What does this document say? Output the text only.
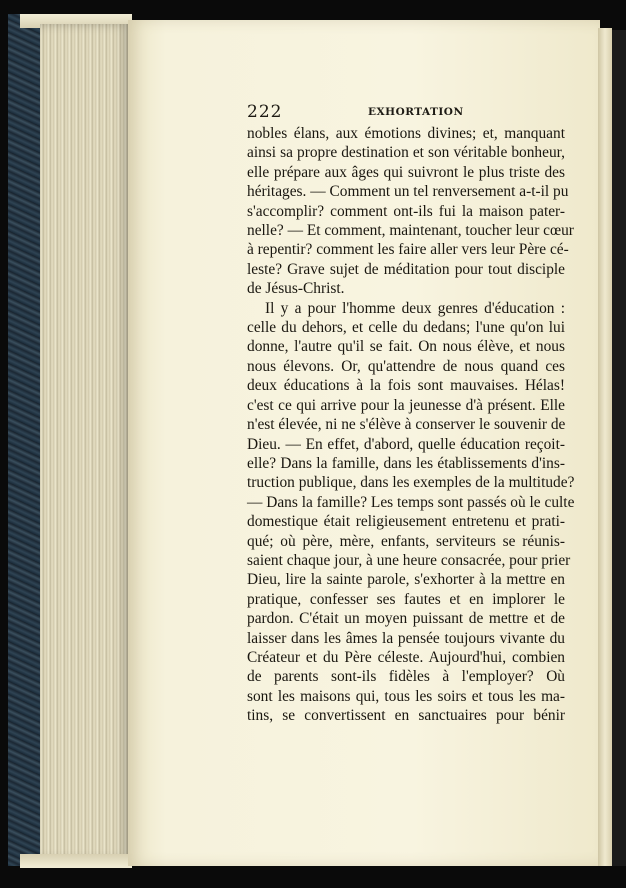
222	EXHORTATION
nobles élans, aux émotions divines; et, manquant
ainsi sa propre destination et son véritable bonheur,
elle prépare aux âges qui suivront le plus triste des
héritages. — Comment un tel renversement a-t-il pu
s'accomplir? comment ont-ils fui la maison pater-
nelle? — Et comment, maintenant, toucher leur cœur
à repentir? comment les faire aller vers leur Père cé-
leste? Grave sujet de méditation pour tout disciple
de Jésus-Christ.
Il y a pour l'homme deux genres d'éducation :
celle du dehors, et celle du dedans; l'une qu'on lui
donne, l'autre qu'il se fait. On nous élève, et nous
nous élevons. Or, qu'attendre de nous quand ces
deux éducations à la fois sont mauvaises. Hélas!
c'est ce qui arrive pour la jeunesse d'à présent. Elle
n'est élevée, ni ne s'élève à conserver le souvenir de
Dieu. — En effet, d'abord, quelle éducation reçoit-
elle? Dans la famille, dans les établissements d'ins-
truction publique, dans les exemples de la multitude?
— Dans la famille? Les temps sont passés où le culte
domestique était religieusement entretenu et prati-
qué; où père, mère, enfants, serviteurs se réunis-
saient chaque jour, à une heure consacrée, pour prier
Dieu, lire la sainte parole, s'exhorter à la mettre en
pratique, confesser ses fautes et en implorer le
pardon. C'était un moyen puissant de mettre et de
laisser dans les âmes la pensée toujours vivante du
Créateur et du Père céleste. Aujourd'hui, combien
de parents sont-ils fidèles à l'employer? Où
sont les maisons qui, tous les soirs et tous les ma-
tins, se convertissent en sanctuaires pour bénir
